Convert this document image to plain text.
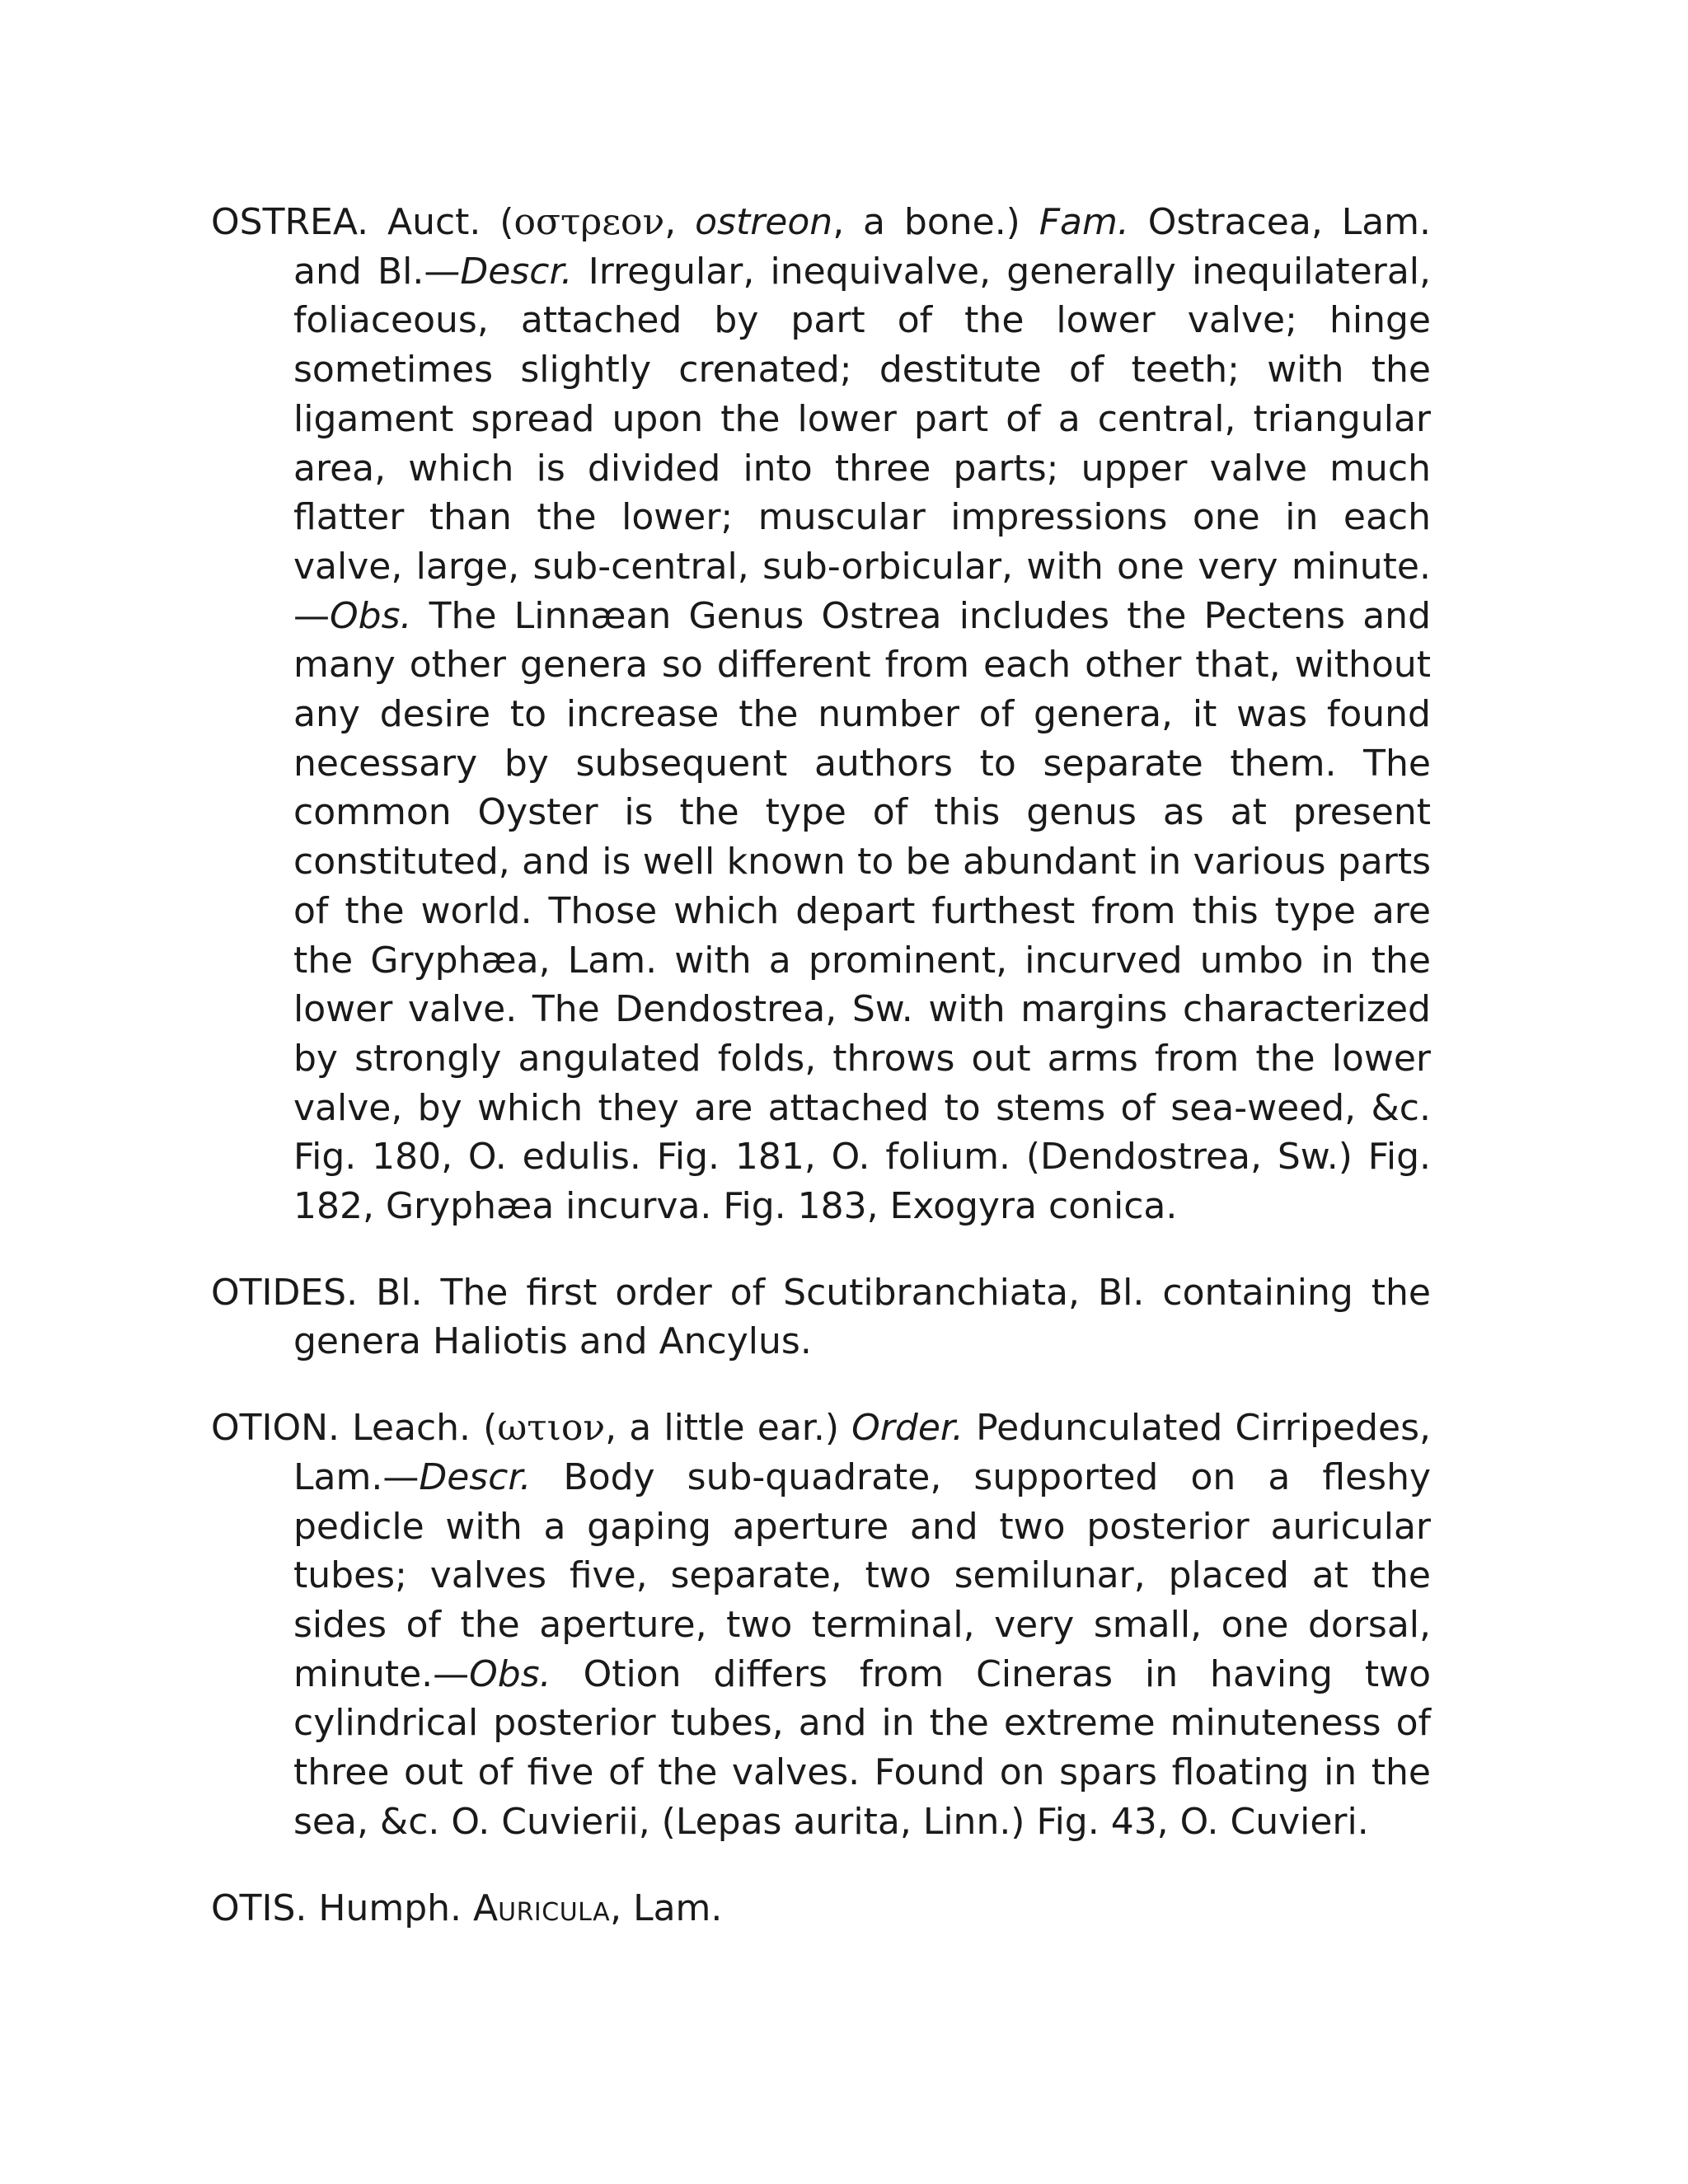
OSTREA. Auct. (οστρεον, ostreon, a bone.) Fam. Ostracea, Lam. and Bl.—Descr. Irregular, inequivalve, generally inequilateral, foliaceous, attached by part of the lower valve; hinge sometimes slightly crenated; destitute of teeth; with the ligament spread upon the lower part of a central, triangular area, which is divided into three parts; upper valve much flatter than the lower; muscular impressions one in each valve, large, sub-central, sub-orbicular, with one very minute.—Obs. The Linnæan Genus Ostrea includes the Pectens and many other genera so different from each other that, without any desire to increase the number of genera, it was found necessary by subsequent authors to separate them. The common Oyster is the type of this genus as at present constituted, and is well known to be abundant in various parts of the world. Those which depart furthest from this type are the Gryphæa, Lam. with a prominent, incurved umbo in the lower valve. The Dendostrea, Sw. with margins characterized by strongly angulated folds, throws out arms from the lower valve, by which they are attached to stems of sea-weed, &c. Fig. 180, O. edulis. Fig. 181, O. folium. (Dendostrea, Sw.) Fig. 182, Gryphæa incurva. Fig. 183, Exogyra conica.

OTIDES. Bl. The first order of Scutibranchiata, Bl. containing the genera Haliotis and Ancylus.

OTION. Leach. (ωτιον, a little ear.) Order. Pedunculated Cirripedes, Lam.—Descr. Body sub-quadrate, supported on a fleshy pedicle with a gaping aperture and two posterior auricular tubes; valves five, separate, two semilunar, placed at the sides of the aperture, two terminal, very small, one dorsal, minute.—Obs. Otion differs from Cineras in having two cylindrical posterior tubes, and in the extreme minuteness of three out of five of the valves. Found on spars floating in the sea, &c. O. Cuvierii, (Lepas aurita, Linn.) Fig. 43, O. Cuvieri.

OTIS. Humph. AURICULA, Lam.
